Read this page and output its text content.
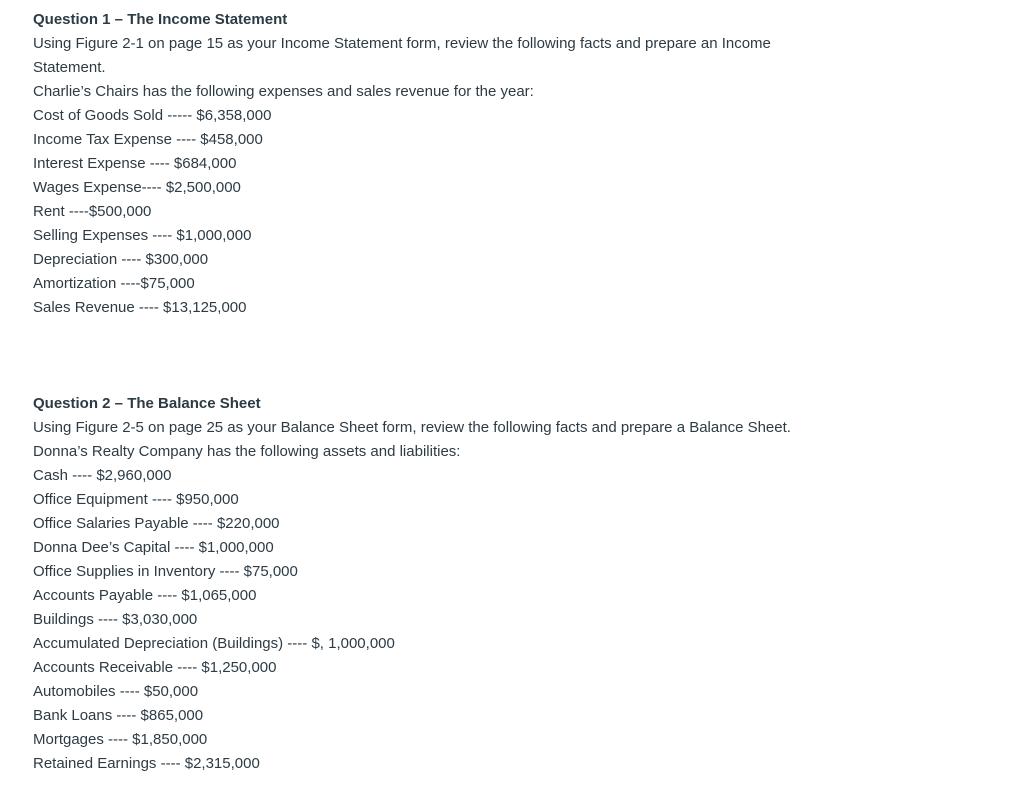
Question 1 – The Income Statement
Using Figure 2-1 on page 15 as your Income Statement form, review the following facts and prepare an Income Statement.
Charlie’s Chairs has the following expenses and sales revenue for the year:
Cost of Goods Sold ----- $6,358,000
Income Tax Expense ---- $458,000
Interest Expense ---- $684,000
Wages Expense---- $2,500,000
Rent ----$500,000
Selling Expenses ---- $1,000,000
Depreciation ---- $300,000
Amortization ----$75,000
Sales Revenue ---- $13,125,000
Question 2 – The Balance Sheet
Using Figure 2-5 on page 25 as your Balance Sheet form, review the following facts and prepare a Balance Sheet.
Donna’s Realty Company has the following assets and liabilities:
Cash ---- $2,960,000
Office Equipment ---- $950,000
Office Salaries Payable ---- $220,000
Donna Dee’s Capital ---- $1,000,000
Office Supplies in Inventory ---- $75,000
Accounts Payable ---- $1,065,000
Buildings ---- $3,030,000
Accumulated Depreciation (Buildings) ---- $, 1,000,000
Accounts Receivable ---- $1,250,000
Automobiles ---- $50,000
Bank Loans ---- $865,000
Mortgages ---- $1,850,000
Retained Earnings ---- $2,315,000
